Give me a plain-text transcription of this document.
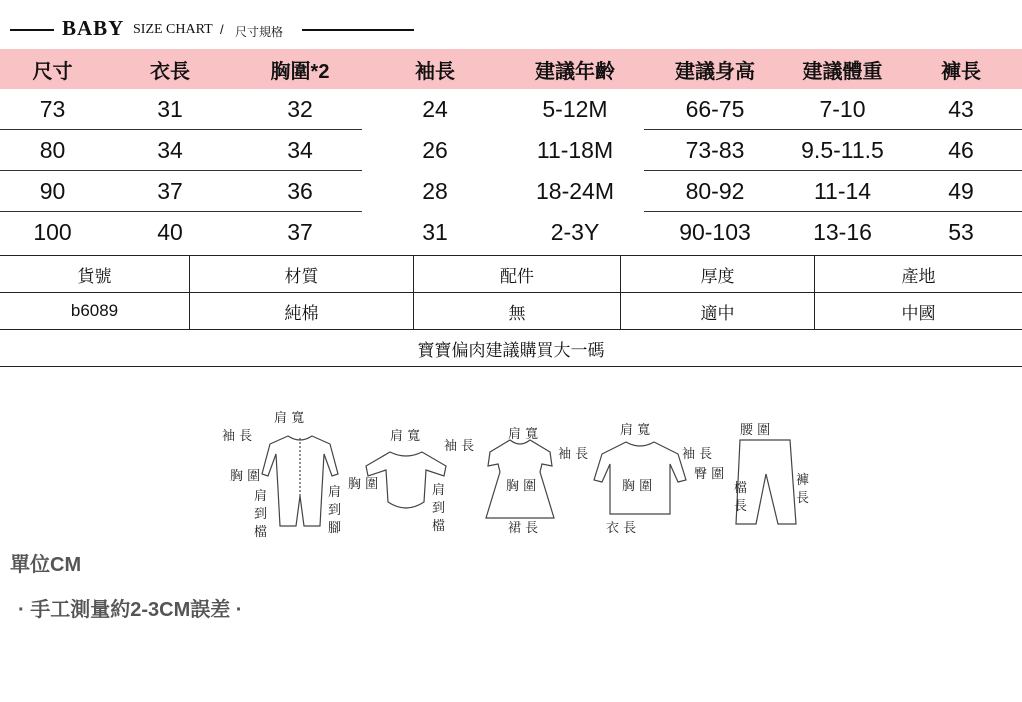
BABY SIZE CHART / 尺寸規格
尺寸	衣長	胸圍*2	袖長	建議年齡	建議身高	建議體重	褲長
73	31	32	24	5-12M	66-75	7-10	43
80	34	34	26	11-18M	73-83	9.5-11.5	46
90	37	36	28	18-24M	80-92	11-14	49
100	40	37	31	2-3Y	90-103	13-16	53
貨號	材質	配件	厚度	產地
b6089	純棉	無	適中	中國
寶寶偏肉建議購買大一碼
袖 長
肩 寬
胸 圍
肩
到
檔
肩
到
腳
肩 寬
袖 長
胸 圍	肩
到
檔
肩 寬
袖 長
胸 圍
裙 長
肩 寬
袖 長
胸 圍
衣 長
腰 圍
臀 圍
檔
長
褲
長
單位CM
· 手工測量約2-3CM誤差 ·
